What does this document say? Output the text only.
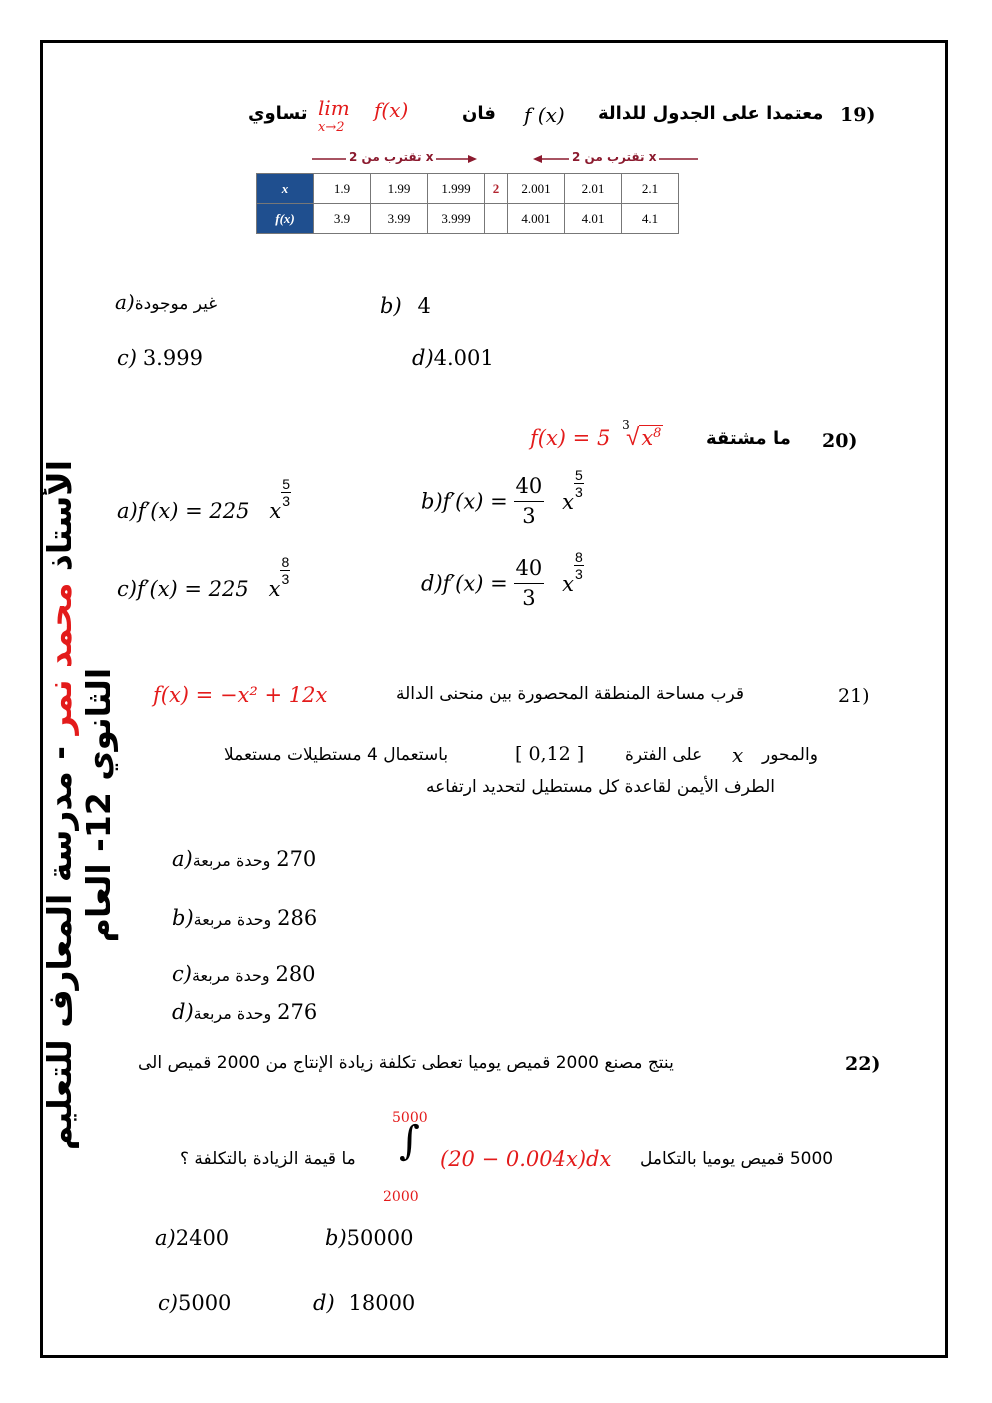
الأستاذ محمد نمر - مدرسة المعارف للتعليم الثانوي 12- العام
19)
معتمدا على الجدول للدالة
f (x)
فان
lim
x→2
f(x)
تساوي
x تقترب من 2	x تقترب من 2
x	1.9	1.99	1.999	2	2.001	2.01	2.1
f(x)	3.9	3.99	3.999		4.001	4.01	4.1
a)غير موجودة	b) 4
c) 3.999	d)4.001
20)
ما مشتقة
f(x) = 5
3
$√x^8$
a)f′(x) = 225 x
$\frac{5}{3}$	$b)f'(x) = \frac{40}{3}$ x
$\frac{5}{3}$
c)f′(x) = 225 x
$\frac{8}{3}$	$d)f'(x) = \frac{40}{3}$ x
$\frac{8}{3}$
21)
قرب مساحة المنطقة المحصورة بين منحنى الدالة
f(x) = −x² + 12x
والمحور
x
على الفترة
[ 0,12 ]
باستعمال 4 مستطيلات مستعملا
الطرف الأيمن لقاعدة كل مستطيل لتحديد ارتفاعه
a)وحدة مربعة 270
b)وحدة مربعة 286
c)وحدة مربعة 280
d)وحدة مربعة 276
22)
ينتج مصنع 2000 قميص يوميا تعطى تكلفة زيادة الإنتاج من 2000 قميص الى
5000 قميص يوميا بالتكامل
5000
∫
2000
(20 − 0.004x)dx
ما قيمة الزيادة بالتكلفة ؟
a)2400	b)50000
c)5000	d) 18000
